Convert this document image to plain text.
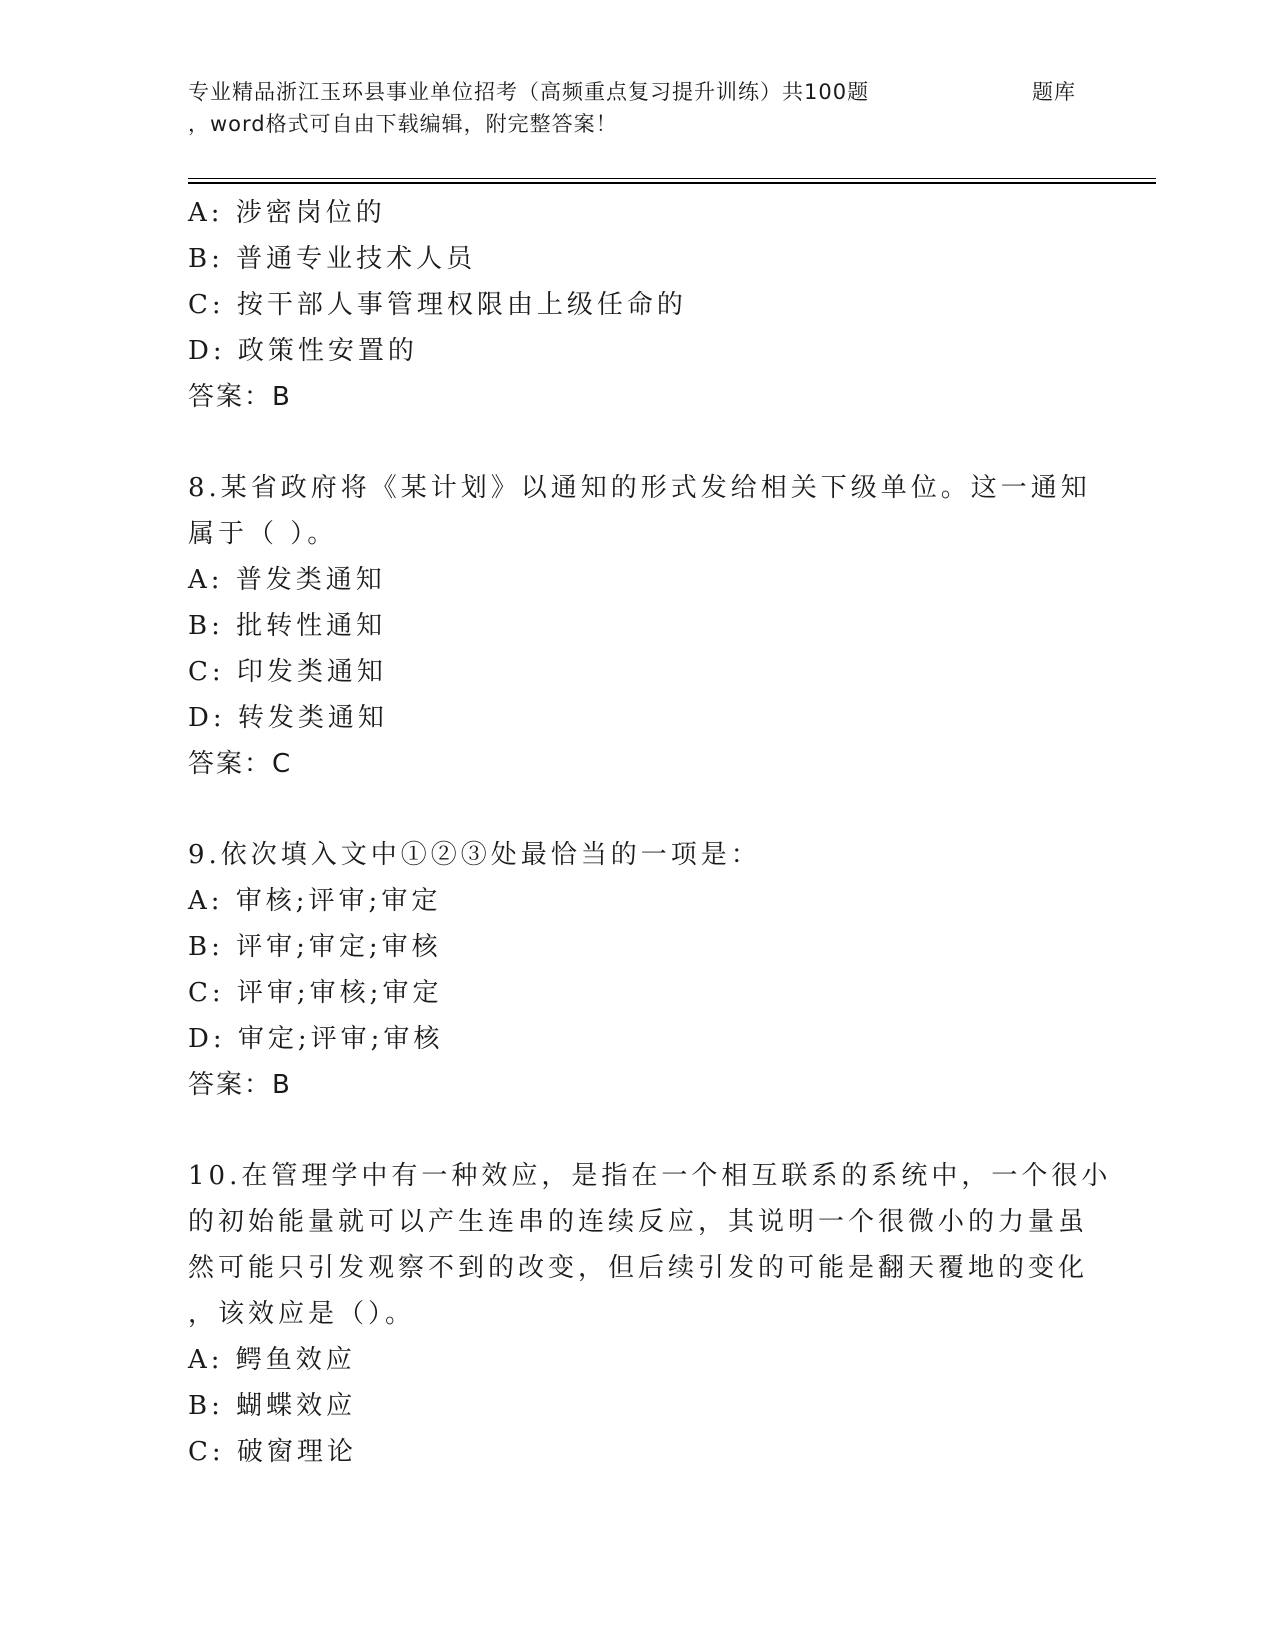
专业精品浙江玉环县事业单位招考（高频重点复习提升训练）共100题
，word格式可自由下载编辑，附完整答案！
题库
A: 涉密岗位的
B: 普通专业技术人员
C: 按干部人事管理权限由上级任命的
D: 政策性安置的
答案：B
8.某省政府将《某计划》以通知的形式发给相关下级单位。这一通知
属于（ ）。
A: 普发类通知
B: 批转性通知
C: 印发类通知
D: 转发类通知
答案：C
9.依次填入文中①②③处最恰当的一项是：
A: 审核;评审;审定
B: 评审;审定;审核
C: 评审;审核;审定
D: 审定;评审;审核
答案：B
10.在管理学中有一种效应，是指在一个相互联系的系统中，一个很小
的初始能量就可以产生连串的连续反应，其说明一个很微小的力量虽
然可能只引发观察不到的改变，但后续引发的可能是翻天覆地的变化
，该效应是（）。
A: 鳄鱼效应
B: 蝴蝶效应
C: 破窗理论
